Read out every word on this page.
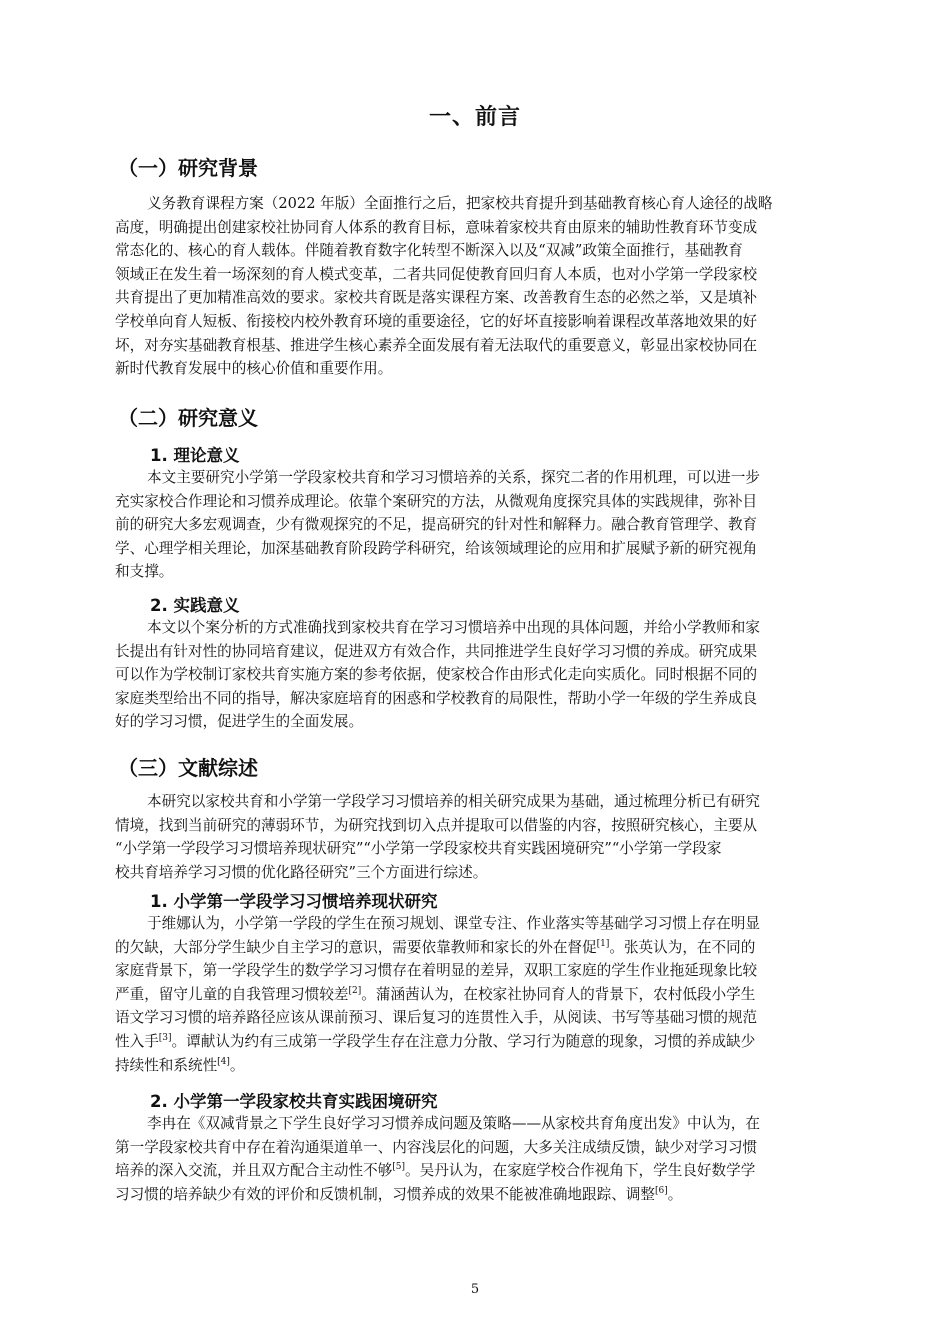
一、前言
（一）研究背景
义务教育课程方案（2022 年版）全面推行之后，把家校共育提升到基础教育核心育人途径的战略
高度，明确提出创建家校社协同育人体系的教育目标，意味着家校共育由原来的辅助性教育环节变成
常态化的、核心的育人载体。伴随着教育数字化转型不断深入以及“双减”政策全面推行，基础教育
领域正在发生着一场深刻的育人模式变革，二者共同促使教育回归育人本质，也对小学第一学段家校
共育提出了更加精准高效的要求。家校共育既是落实课程方案、改善教育生态的必然之举，又是填补
学校单向育人短板、衔接校内校外教育环境的重要途径，它的好坏直接影响着课程改革落地效果的好
坏，对夯实基础教育根基、推进学生核心素养全面发展有着无法取代的重要意义，彰显出家校协同在
新时代教育发展中的核心价值和重要作用。
（二）研究意义
1. 理论意义
本文主要研究小学第一学段家校共育和学习习惯培养的关系，探究二者的作用机理，可以进一步
充实家校合作理论和习惯养成理论。依靠个案研究的方法，从微观角度探究具体的实践规律，弥补目
前的研究大多宏观调查，少有微观探究的不足，提高研究的针对性和解释力。融合教育管理学、教育
学、心理学相关理论，加深基础教育阶段跨学科研究，给该领域理论的应用和扩展赋予新的研究视角
和支撑。
2. 实践意义
本文以个案分析的方式准确找到家校共育在学习习惯培养中出现的具体问题，并给小学教师和家
长提出有针对性的协同培育建议，促进双方有效合作，共同推进学生良好学习习惯的养成。研究成果
可以作为学校制订家校共育实施方案的参考依据，使家校合作由形式化走向实质化。同时根据不同的
家庭类型给出不同的指导，解决家庭培育的困惑和学校教育的局限性，帮助小学一年级的学生养成良
好的学习习惯，促进学生的全面发展。
（三）文献综述
本研究以家校共育和小学第一学段学习习惯培养的相关研究成果为基础，通过梳理分析已有研究
情境，找到当前研究的薄弱环节，为研究找到切入点并提取可以借鉴的内容，按照研究核心，主要从
“小学第一学段学习习惯培养现状研究”“小学第一学段家校共育实践困境研究”“小学第一学段家
校共育培养学习习惯的优化路径研究”三个方面进行综述。
1. 小学第一学段学习习惯培养现状研究
于维娜认为，小学第一学段的学生在预习规划、课堂专注、作业落实等基础学习习惯上存在明显
的欠缺，大部分学生缺少自主学习的意识，需要依靠教师和家长的外在督促[1]。张英认为，在不同的
家庭背景下，第一学段学生的数学学习习惯存在着明显的差异，双职工家庭的学生作业拖延现象比较
严重，留守儿童的自我管理习惯较差[2]。蒲涵茜认为，在校家社协同育人的背景下，农村低段小学生
语文学习习惯的培养路径应该从课前预习、课后复习的连贯性入手，从阅读、书写等基础习惯的规范
性入手[3]。谭献认为约有三成第一学段学生存在注意力分散、学习行为随意的现象，习惯的养成缺少
持续性和系统性[4]。
2. 小学第一学段家校共育实践困境研究
李冉在《双减背景之下学生良好学习习惯养成问题及策略——从家校共育角度出发》中认为，在
第一学段家校共育中存在着沟通渠道单一、内容浅层化的问题，大多关注成绩反馈，缺少对学习习惯
培养的深入交流，并且双方配合主动性不够[5]。吴丹认为，在家庭学校合作视角下，学生良好数学学
习习惯的培养缺少有效的评价和反馈机制，习惯养成的效果不能被准确地跟踪、调整[6]。
5
